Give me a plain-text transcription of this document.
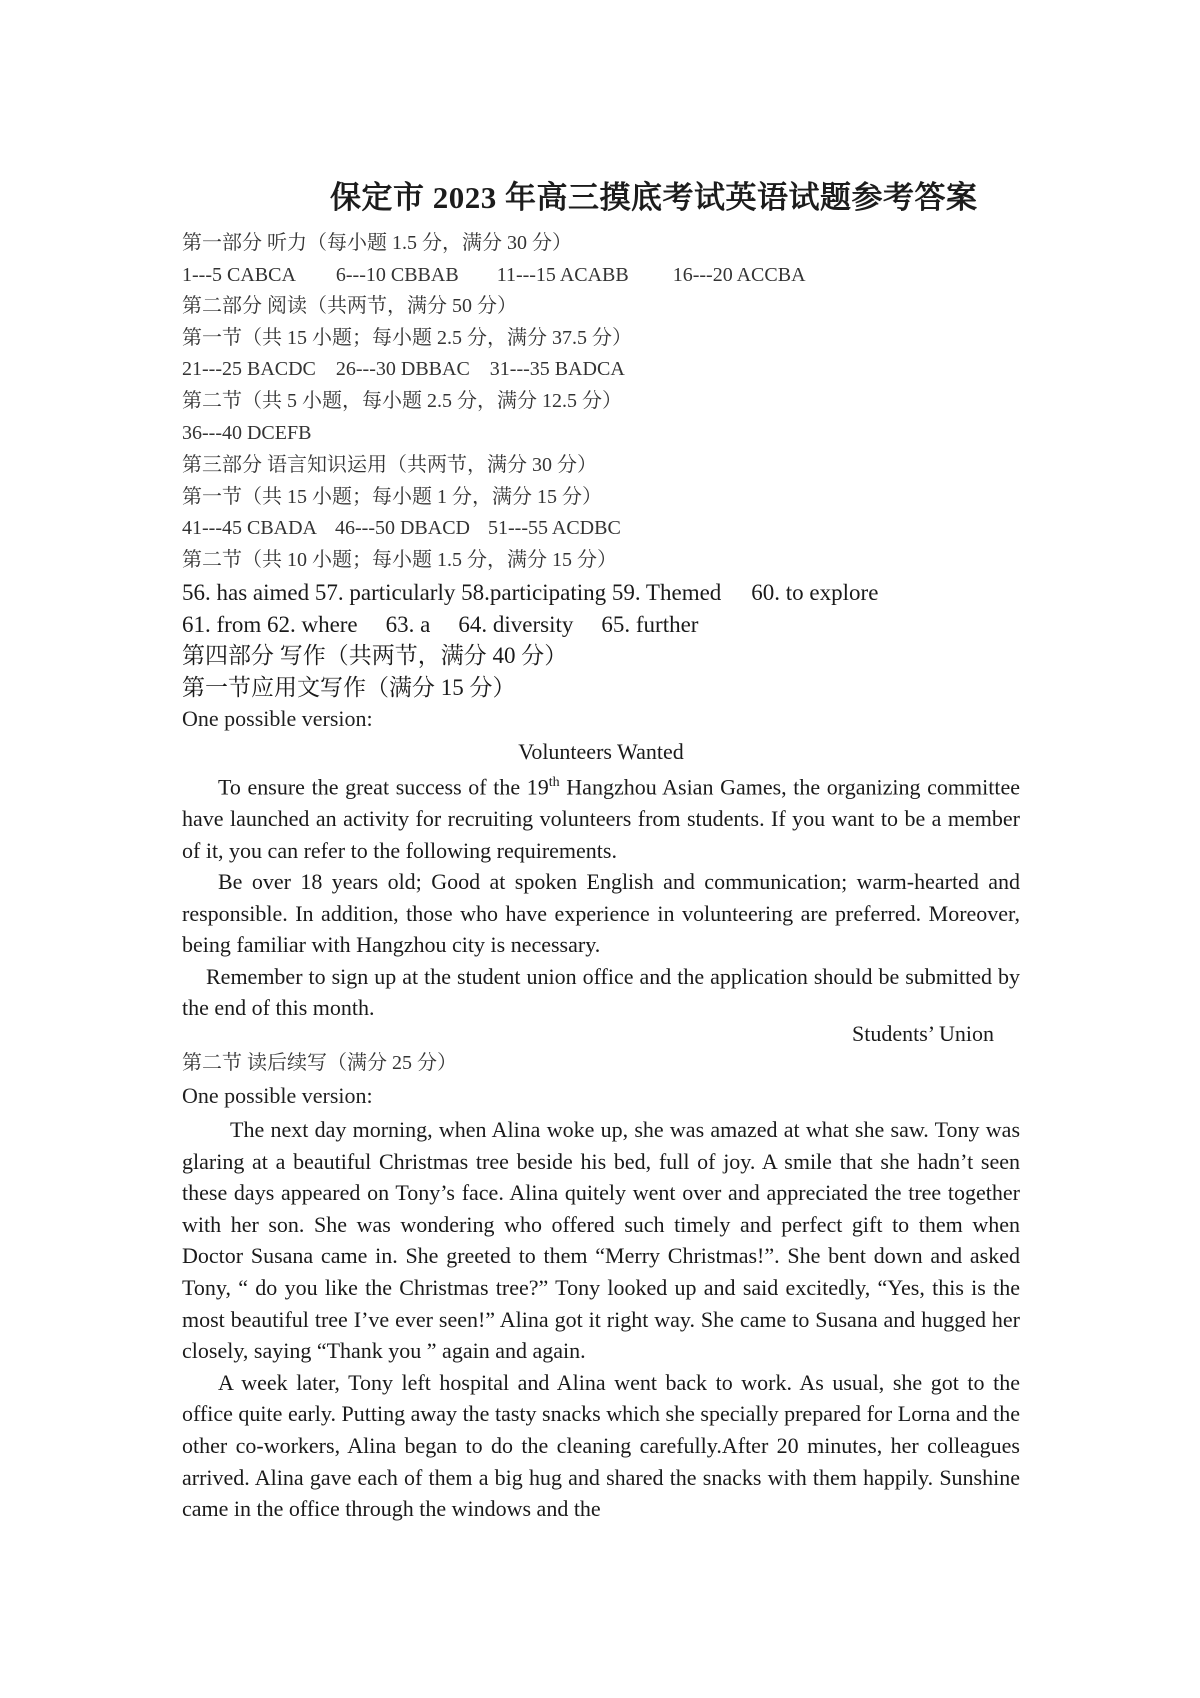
保定市 2023 年高三摸底考试英语试题参考答案
第一部分 听力（每小题 1.5 分，满分 30 分）
1---5 CABCA 6---10 CBBAB 11---15 ACABB 16---20 ACCBA
第二部分 阅读（共两节，满分 50 分）
第一节（共 15 小题；每小题 2.5 分，满分 37.5 分）
21---25 BACDC 26---30 DBBAC 31---35 BADCA
第二节（共 5 小题，每小题 2.5 分，满分 12.5 分）
36---40 DCEFB
第三部分 语言知识运用（共两节，满分 30 分）
第一节（共 15 小题；每小题 1 分，满分 15 分）
41---45 CBADA 46---50 DBACD 51---55 ACDBC
第二节（共 10 小题；每小题 1.5 分，满分 15 分）
56. has aimed 57. particularly 58.participating 59. Themed 60. to explore
61. from 62. where 63. a 64. diversity 65. further
第四部分 写作（共两节，满分 40 分）
第一节应用文写作（满分 15 分）
One possible version:
Volunteers Wanted

To ensure the great success of the 19th Hangzhou Asian Games, the organizing committee have launched an activity for recruiting volunteers from students. If you want to be a member of it, you can refer to the following requirements.

Be over 18 years old; Good at spoken English and communication; warm-hearted and responsible. In addition, those who have experience in volunteering are preferred. Moreover, being familiar with Hangzhou city is necessary.

Remember to sign up at the student union office and the application should be submitted by the end of this month.

Students’ Union
第二节 读后续写（满分 25 分）
One possible version:

The next day morning, when Alina woke up, she was amazed at what she saw. Tony was glaring at a beautiful Christmas tree beside his bed, full of joy. A smile that she hadn’t seen these days appeared on Tony’s face. Alina quitely went over and appreciated the tree together with her son. She was wondering who offered such timely and perfect gift to them when Doctor Susana came in. She greeted to them “Merry Christmas!”. She bent down and asked Tony, “ do you like the Christmas tree?” Tony looked up and said excitedly, “Yes, this is the most beautiful tree I’ve ever seen!” Alina got it right way. She came to Susana and hugged her closely, saying “Thank you ” again and again.

A week later, Tony left hospital and Alina went back to work. As usual, she got to the office quite early. Putting away the tasty snacks which she specially prepared for Lorna and the other co-workers, Alina began to do the cleaning carefully.After 20 minutes, her colleagues arrived. Alina gave each of them a big hug and shared the snacks with them happily. Sunshine came in the office through the windows and the
